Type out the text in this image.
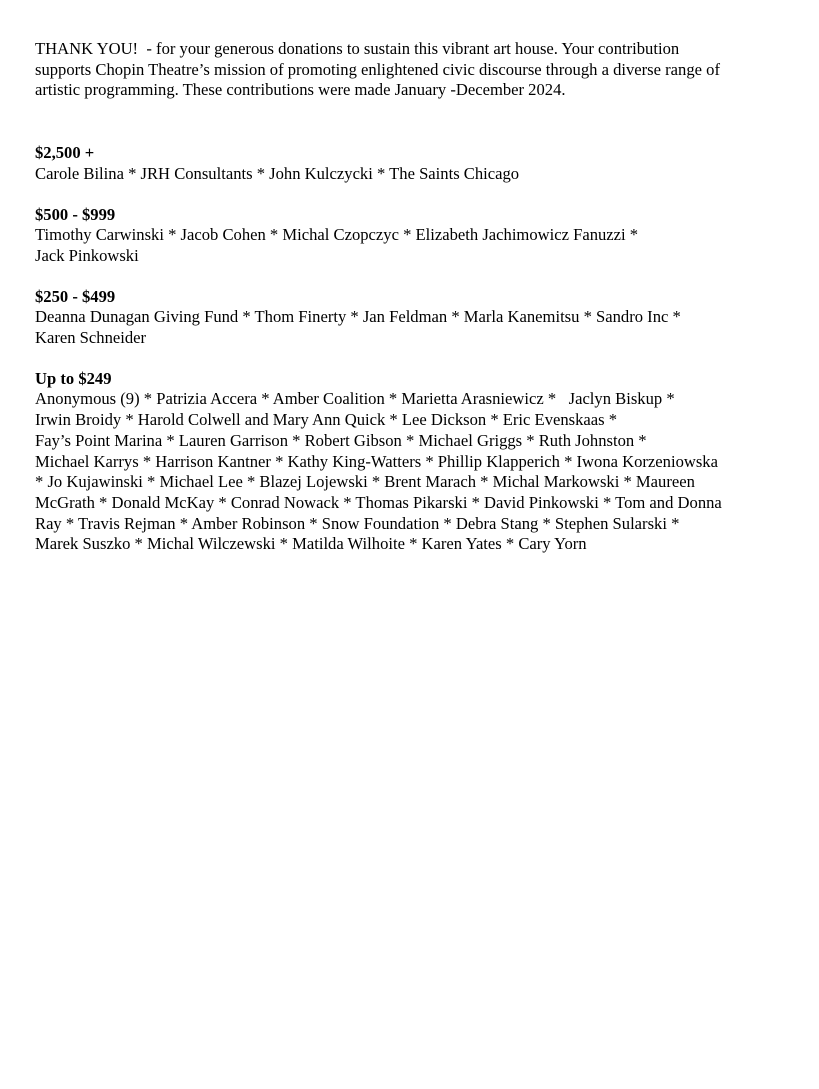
THANK YOU!  - for your generous donations to sustain this vibrant art house. Your contribution

supports Chopin Theatre’s mission of promoting enlightened civic discourse through a diverse range of

artistic programming. These contributions were made January -December 2024.

$2,500 +

Carole Bilina * JRH Consultants * John Kulczycki * The Saints Chicago

$500 - $999

Timothy Carwinski * Jacob Cohen * Michal Czopczyc * Elizabeth Jachimowicz Fanuzzi *

Jack Pinkowski

$250 - $499

Deanna Dunagan Giving Fund * Thom Finerty * Jan Feldman * Marla Kanemitsu * Sandro Inc *

Karen Schneider

Up to $249

Anonymous (9) * Patrizia Accera * Amber Coalition * Marietta Arasniewicz *   Jaclyn Biskup *

Irwin Broidy * Harold Colwell and Mary Ann Quick * Lee Dickson * Eric Evenskaas *

Fay’s Point Marina * Lauren Garrison * Robert Gibson * Michael Griggs * Ruth Johnston *

Michael Karrys * Harrison Kantner * Kathy King-Watters * Phillip Klapperich * Iwona Korzeniowska

* Jo Kujawinski * Michael Lee * Blazej Lojewski * Brent Marach * Michal Markowski * Maureen

McGrath * Donald McKay * Conrad Nowack * Thomas Pikarski * David Pinkowski * Tom and Donna

Ray * Travis Rejman * Amber Robinson * Snow Foundation * Debra Stang * Stephen Sularski *

Marek Suszko * Michal Wilczewski * Matilda Wilhoite * Karen Yates * Cary Yorn
